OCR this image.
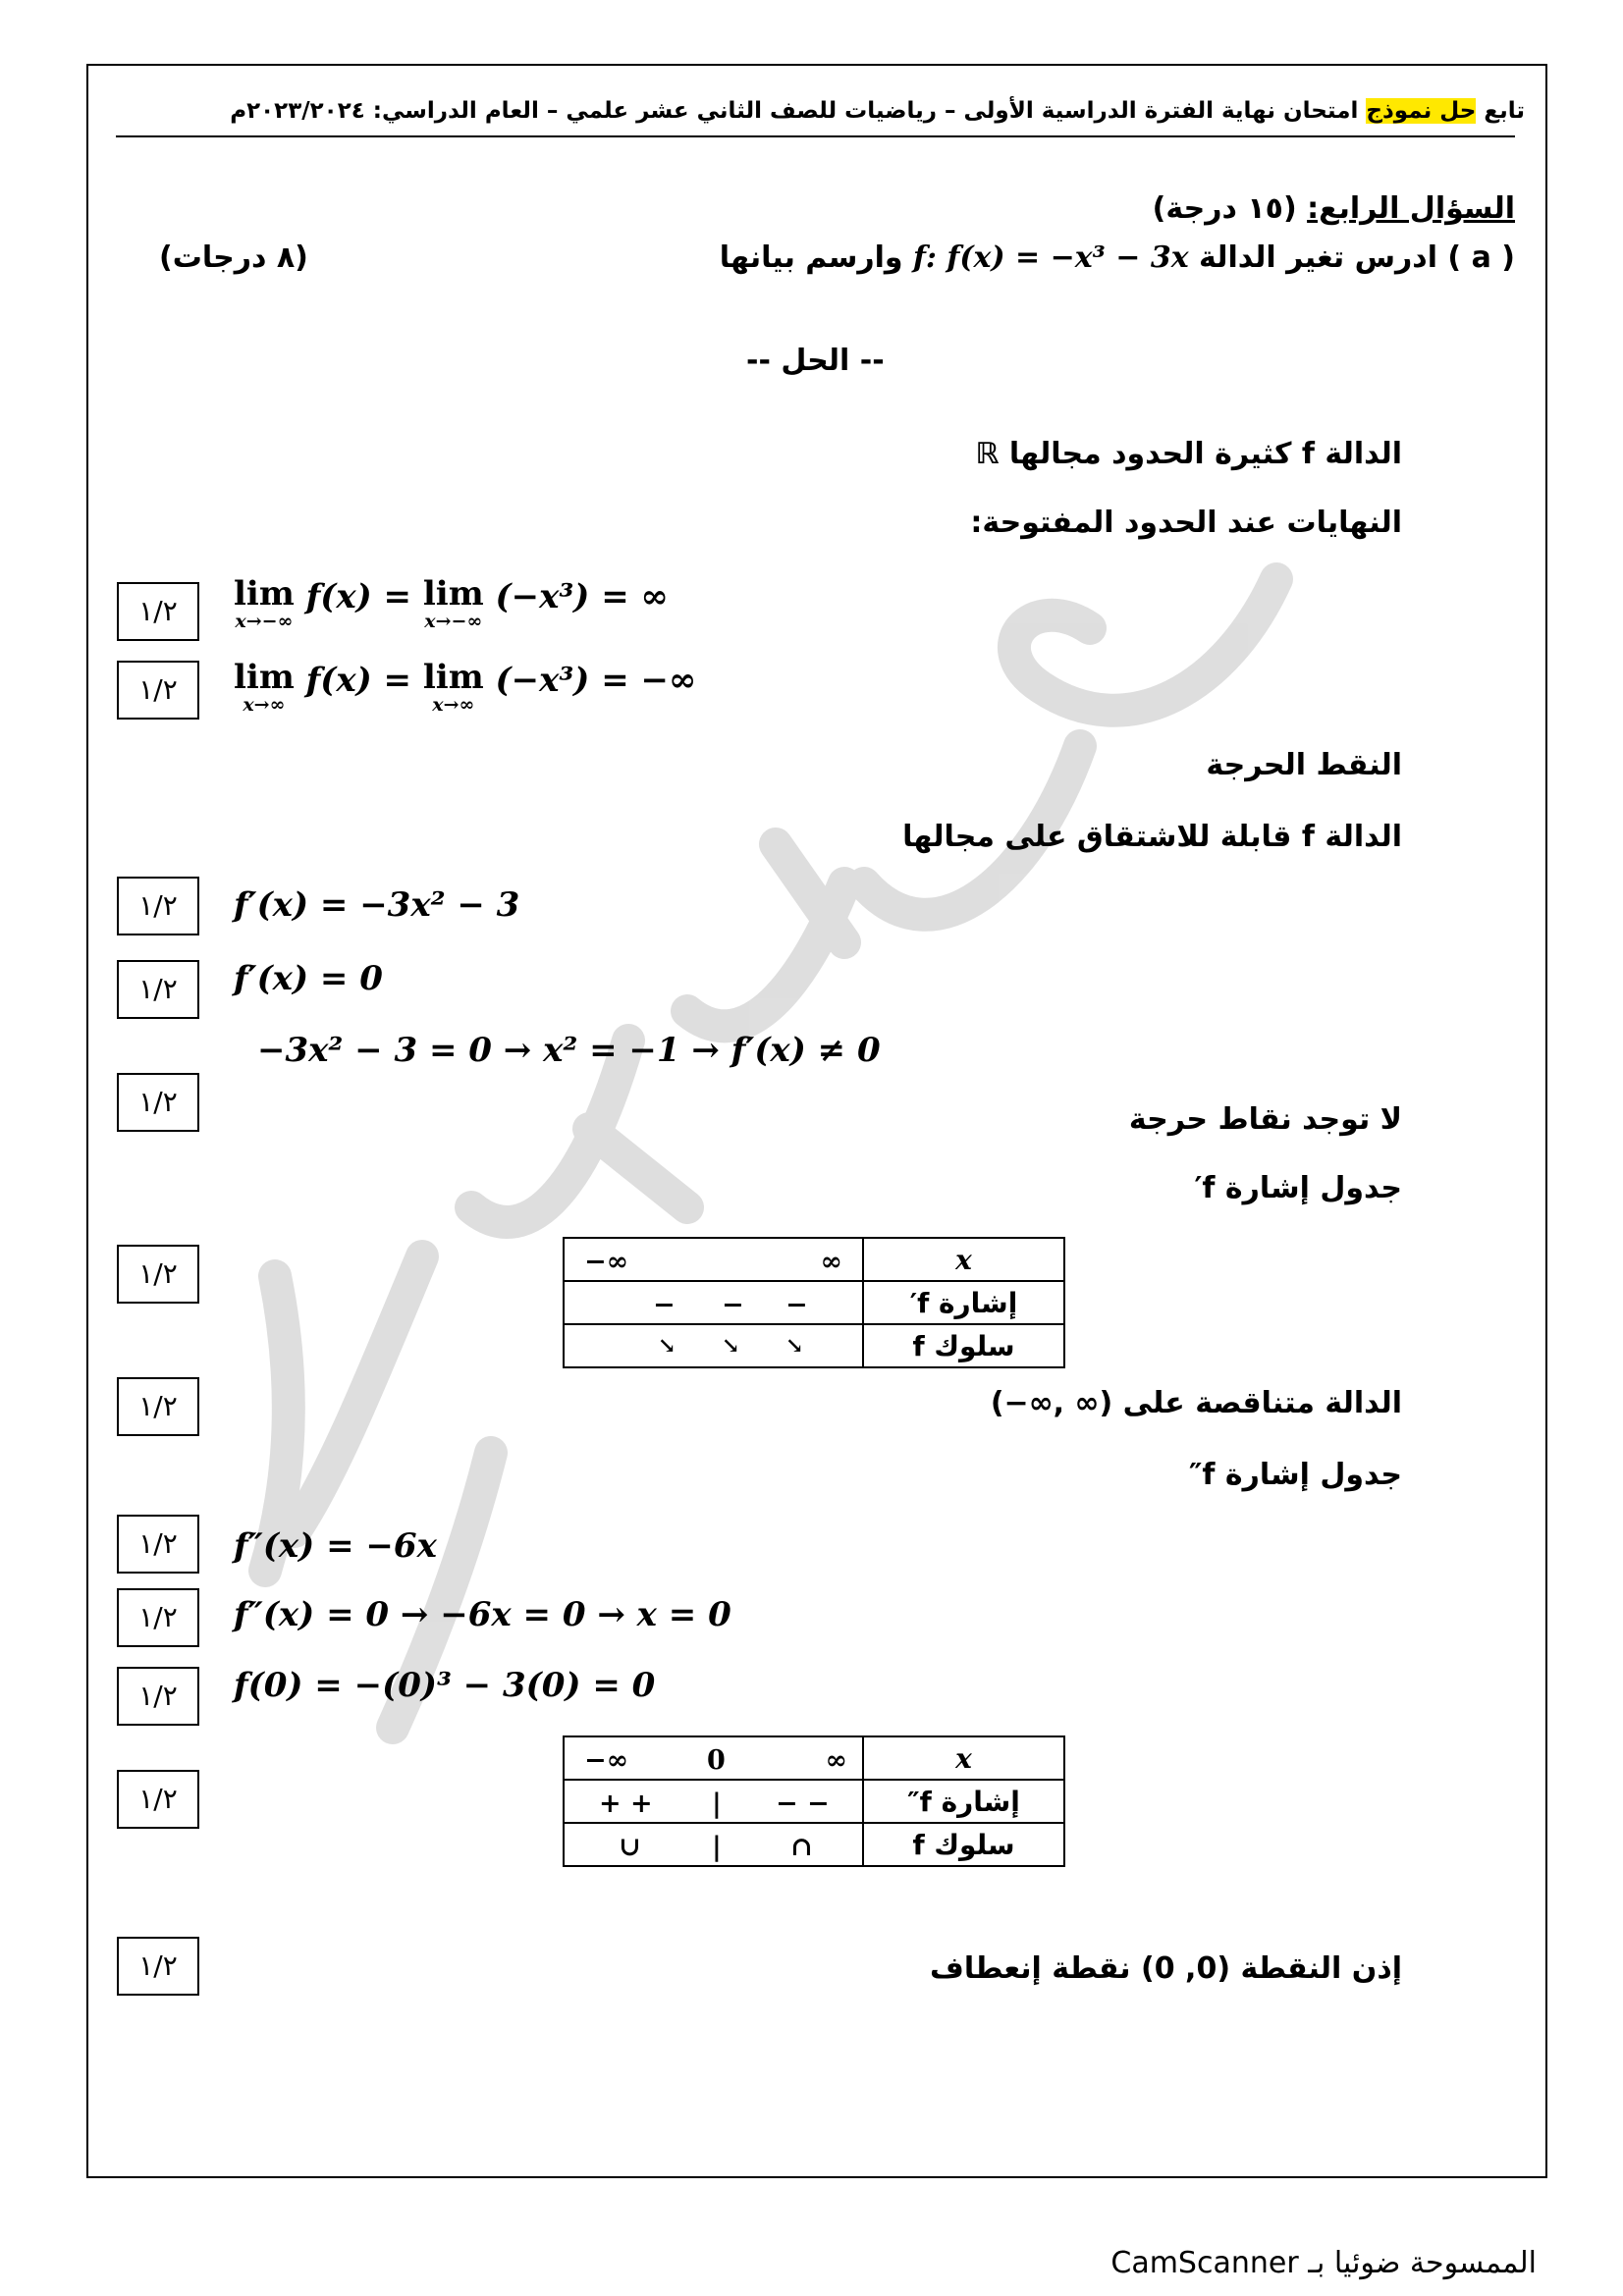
تابع حل نموذج امتحان نهاية الفترة الدراسية الأولى – رياضيات للصف الثاني عشر علمي – العام الدراسي: ٢٠٢٣/٢٠٢٤م
السؤال الرابع: (١٥ درجة)
( a ) ادرس تغير الدالة f: f(x) = −x³ − 3x وارسم بيانها
(٨ درجات)
-- الحل --
الدالة f كثيرة الحدود مجالها ℝ
النهايات عند الحدود المفتوحة:
١/٢	lim
x→−∞
f(x) = lim
x→−∞
(−x³) = ∞
١/٢	lim
x→∞
f(x) = lim
x→∞
(−x³) = −∞
النقط الحرجة
الدالة f قابلة للاشتقاق على مجالها
١/٢	f′(x) = −3x² − 3
١/٢	f′(x) = 0
−3x² − 3 = 0 → x² = −1 → f′(x) ≠ 0
١/٢
لا توجد نقاط حرجة
جدول إشارة f′
١/٢	−∞ ∞	x

− − −	إشارة f′

↘ ↘ ↘	سلوك f
١/٢	الدالة متناقصة على (∞ ,∞−)
جدول إشارة f″
١/٢	f″(x) = −6x
١/٢	f″(x) = 0 → −6x = 0 → x = 0
١/٢	f(0) = −(0)³ − 3(0) = 0
١/٢
−∞ 0 ∞	x

+ + | − −	إشارة f″

∪ | ∩	سلوك f
١/٢	إذن النقطة (0, 0) نقطة إنعطاف
الممسوحة ضوئيا بـ CamScanner
